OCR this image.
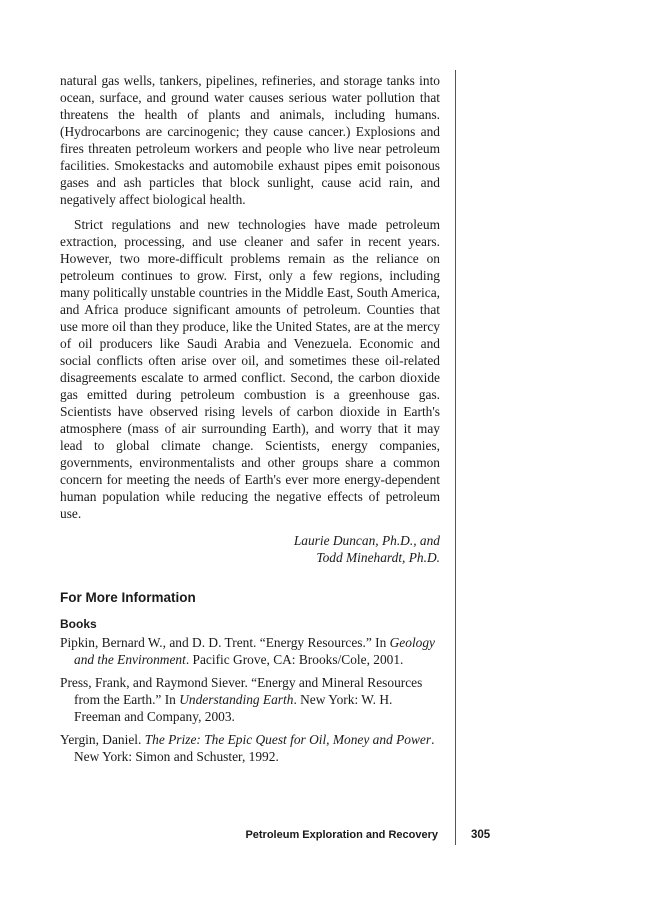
natural gas wells, tankers, pipelines, refineries, and storage tanks into ocean, surface, and ground water causes serious water pollution that threatens the health of plants and animals, including humans. (Hydrocarbons are carcinogenic; they cause cancer.) Explosions and fires threaten petroleum workers and people who live near petroleum facilities. Smokestacks and automobile exhaust pipes emit poisonous gases and ash particles that block sunlight, cause acid rain, and negatively affect biological health.

Strict regulations and new technologies have made petroleum extraction, processing, and use cleaner and safer in recent years. However, two more-difficult problems remain as the reliance on petroleum continues to grow. First, only a few regions, including many politically unstable countries in the Middle East, South America, and Africa produce significant amounts of petroleum. Counties that use more oil than they produce, like the United States, are at the mercy of oil producers like Saudi Arabia and Venezuela. Economic and social conflicts often arise over oil, and sometimes these oil-related disagreements escalate to armed conflict. Second, the carbon dioxide gas emitted during petroleum combustion is a greenhouse gas. Scientists have observed rising levels of carbon dioxide in Earth's atmosphere (mass of air surrounding Earth), and worry that it may lead to global climate change. Scientists, energy companies, governments, environmentalists and other groups share a common concern for meeting the needs of Earth's ever more energy-dependent human population while reducing the negative effects of petroleum use.

Laurie Duncan, Ph.D., and
Todd Minehardt, Ph.D.
For More Information
Books

Pipkin, Bernard W., and D. D. Trent. “Energy Resources.” In Geology and the Environment. Pacific Grove, CA: Brooks/Cole, 2001.

Press, Frank, and Raymond Siever. “Energy and Mineral Resources from the Earth.” In Understanding Earth. New York: W. H. Freeman and Company, 2003.

Yergin, Daniel. The Prize: The Epic Quest for Oil, Money and Power. New York: Simon and Schuster, 1992.

Petroleum Exploration and Recovery	305
